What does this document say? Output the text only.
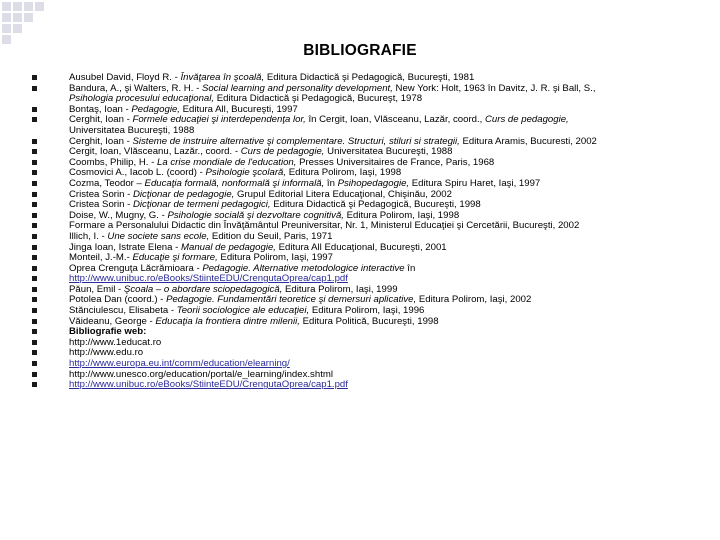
BIBLIOGRAFIE
Ausubel David, Floyd R. - Învăţarea în şcoală, Editura Didactică şi Pedagogică, Bucureşti, 1981
Bandura, A., şi Walters, R. H. - Social learning and personality development, New York: Holt, 1963 în Davitz, J. R. şi Ball, S.,
Psihologia procesului educaţional, Editura Didactică şi Pedagogică, Bucureşt, 1978
Bontaş, Ioan - Pedagogie, Editura All, Bucureşti, 1997
Cerghit, Ioan - Formele educaţiei şi interdependenţa lor, în Cergit, Ioan, Vlăsceanu, Lazăr, coord., Curs de pedagogie,
Universitatea Bucureşti, 1988
Cerghit, Ioan - Sisteme de instruire alternative şi complementare. Structuri, stiluri si strategii, Editura Aramis, Bucuresti, 2002
Cergit, Ioan, Vlăsceanu, Lazăr., coord. - Curs de pedagogie, Universitatea Bucureşti, 1988
Coombs, Philip, H. - La crise mondiale de l'education, Presses Universitaires de France, Paris, 1968
Cosmovici A., Iacob L. (coord) - Psihologie şcolară, Editura Polirom, Iaşi, 1998
Cozma, Teodor – Educaţia formală, nonformală şi informală, în Psihopedagogie, Editura Spiru Haret, Iaşi, 1997
Cristea Sorin - Dicţionar de pedagogie, Grupul Editorial Litera Educaţional, Chişinău, 2002
Cristea Sorin - Dicţionar de termeni pedagogici, Editura Didactică şi Pedagogică, Bucureşti, 1998
Doise, W., Mugny, G. - Psihologie socială şi dezvoltare cognitivă, Editura Polirom, Iaşi, 1998
Formare a Personalului Didactic din Învăţământul Preuniversitar, Nr. 1, Ministerul Educaţiei şi Cercetării, Bucureşti, 2002
Illich, I. - Une societe sans ecole, Edition du Seuil, Paris, 1971
Jinga Ioan, Istrate Elena - Manual de pedagogie, Editura All Educaţional, Bucureşti, 2001
Monteil, J.-M.- Educaţie şi formare, Editura Polirom, Iaşi, 1997
Oprea Crenguţa Lăcrămioara - Pedagogie. Alternative metodologice interactive în
http://www.unibuc.ro/eBooks/StiinteEDU/CrengutaOprea/cap1.pdf
Păun, Emil - Şcoala – o abordare sciopedagogică, Editura Polirom, Iaşi, 1999
Potolea Dan (coord.) - Pedagogie. Fundamentări teoretice şi demersuri aplicative, Editura Polirom, Iaşi, 2002
Stănciulescu, Elisabeta - Teorii sociologice ale educaţiei, Editura Polirom, Iaşi, 1996
Văideanu, George - Educaţia la frontiera dintre milenii, Editura Politică, Bucureşti, 1998
Bibliografie web:
http://www.1educat.ro
http://www.edu.ro
http://www.europa.eu.int/comm/education/elearning/
http://www.unesco.org/education/portal/e_learning/index.shtml
http://www.unibuc.ro/eBooks/StiinteEDU/CrengutaOprea/cap1.pdf
